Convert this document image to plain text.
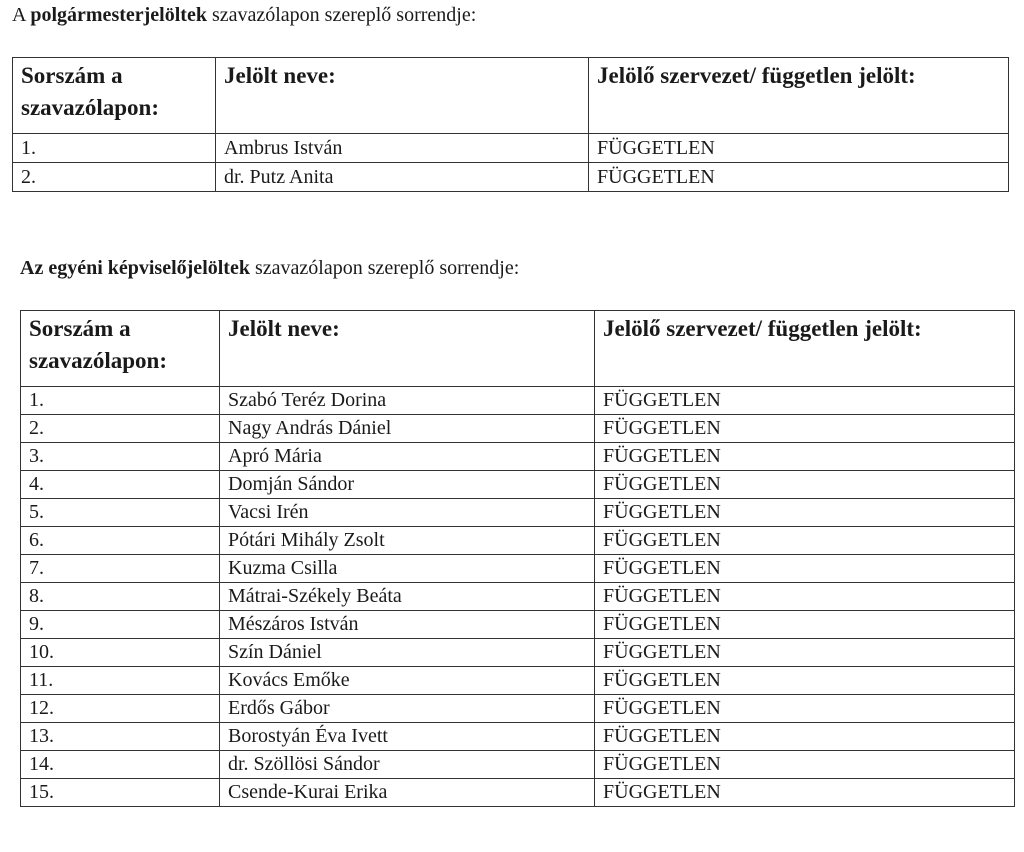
A polgármesterjelöltek szavazólapon szereplő sorrendje:
Sorszám a szavazólapon:	Jelölt neve:	Jelölő szervezet/ független jelölt:
1.	Ambrus István	FÜGGETLEN
2.	dr. Putz Anita	FÜGGETLEN
Az egyéni képviselőjelöltek szavazólapon szereplő sorrendje:
Sorszám a szavazólapon:	Jelölt neve:	Jelölő szervezet/ független jelölt:
1.	Szabó Teréz Dorina	FÜGGETLEN
2.	Nagy András Dániel	FÜGGETLEN
3.	Apró Mária	FÜGGETLEN
4.	Domján Sándor	FÜGGETLEN
5.	Vacsi Irén	FÜGGETLEN
6.	Pótári Mihály Zsolt	FÜGGETLEN
7.	Kuzma Csilla	FÜGGETLEN
8.	Mátrai-Székely Beáta	FÜGGETLEN
9.	Mészáros István	FÜGGETLEN
10.	Szín Dániel	FÜGGETLEN
11.	Kovács Emőke	FÜGGETLEN
12.	Erdős Gábor	FÜGGETLEN
13.	Borostyán Éva Ivett	FÜGGETLEN
14.	dr. Szöllösi Sándor	FÜGGETLEN
15.	Csende-Kurai Erika	FÜGGETLEN
